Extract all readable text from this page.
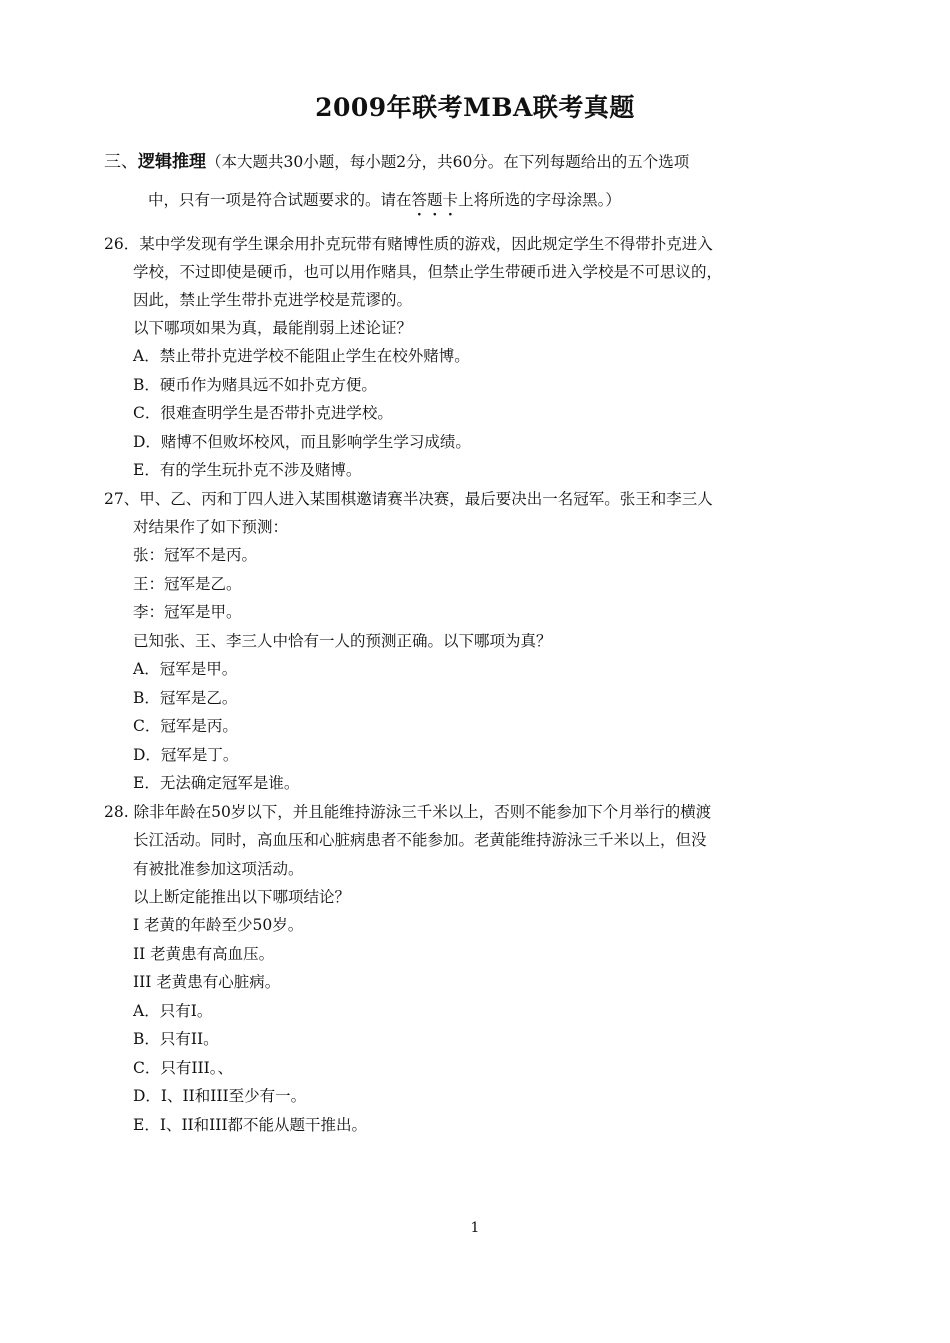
2009年联考MBA联考真题
三、逻辑推理（本大题共30小题，每小题2分，共60分。在下列每题给出的五个选项
中，只有一项是符合试题要求的。请在答题卡上将所选的字母涂黑。）
26．某中学发现有学生课余用扑克玩带有赌博性质的游戏，因此规定学生不得带扑克进入
学校，不过即使是硬币，也可以用作赌具，但禁止学生带硬币进入学校是不可思议的，
因此，禁止学生带扑克进学校是荒谬的。
以下哪项如果为真，最能削弱上述论证？
A．禁止带扑克进学校不能阻止学生在校外赌博。
B．硬币作为赌具远不如扑克方便。
C．很难查明学生是否带扑克进学校。
D．赌博不但败坏校风，而且影响学生学习成绩。
E．有的学生玩扑克不涉及赌博。
27、甲、乙、丙和丁四人进入某围棋邀请赛半决赛，最后要决出一名冠军。张王和李三人
对结果作了如下预测：
张：冠军不是丙。
王：冠军是乙。
李：冠军是甲。
已知张、王、李三人中恰有一人的预测正确。以下哪项为真？
A．冠军是甲。
B．冠军是乙。
C．冠军是丙。
D．冠军是丁。
E．无法确定冠军是谁。
28. 除非年龄在50岁以下，并且能维持游泳三千米以上，否则不能参加下个月举行的横渡
长江活动。同时，高血压和心脏病患者不能参加。老黄能维持游泳三千米以上，但没
有被批准参加这项活动。
以上断定能推出以下哪项结论？
I 老黄的年龄至少50岁。
II 老黄患有高血压。
III 老黄患有心脏病。
A．只有I。
B．只有II。
C．只有III。、
D．I、II和III至少有一。
E．I、II和III都不能从题干推出。
1
